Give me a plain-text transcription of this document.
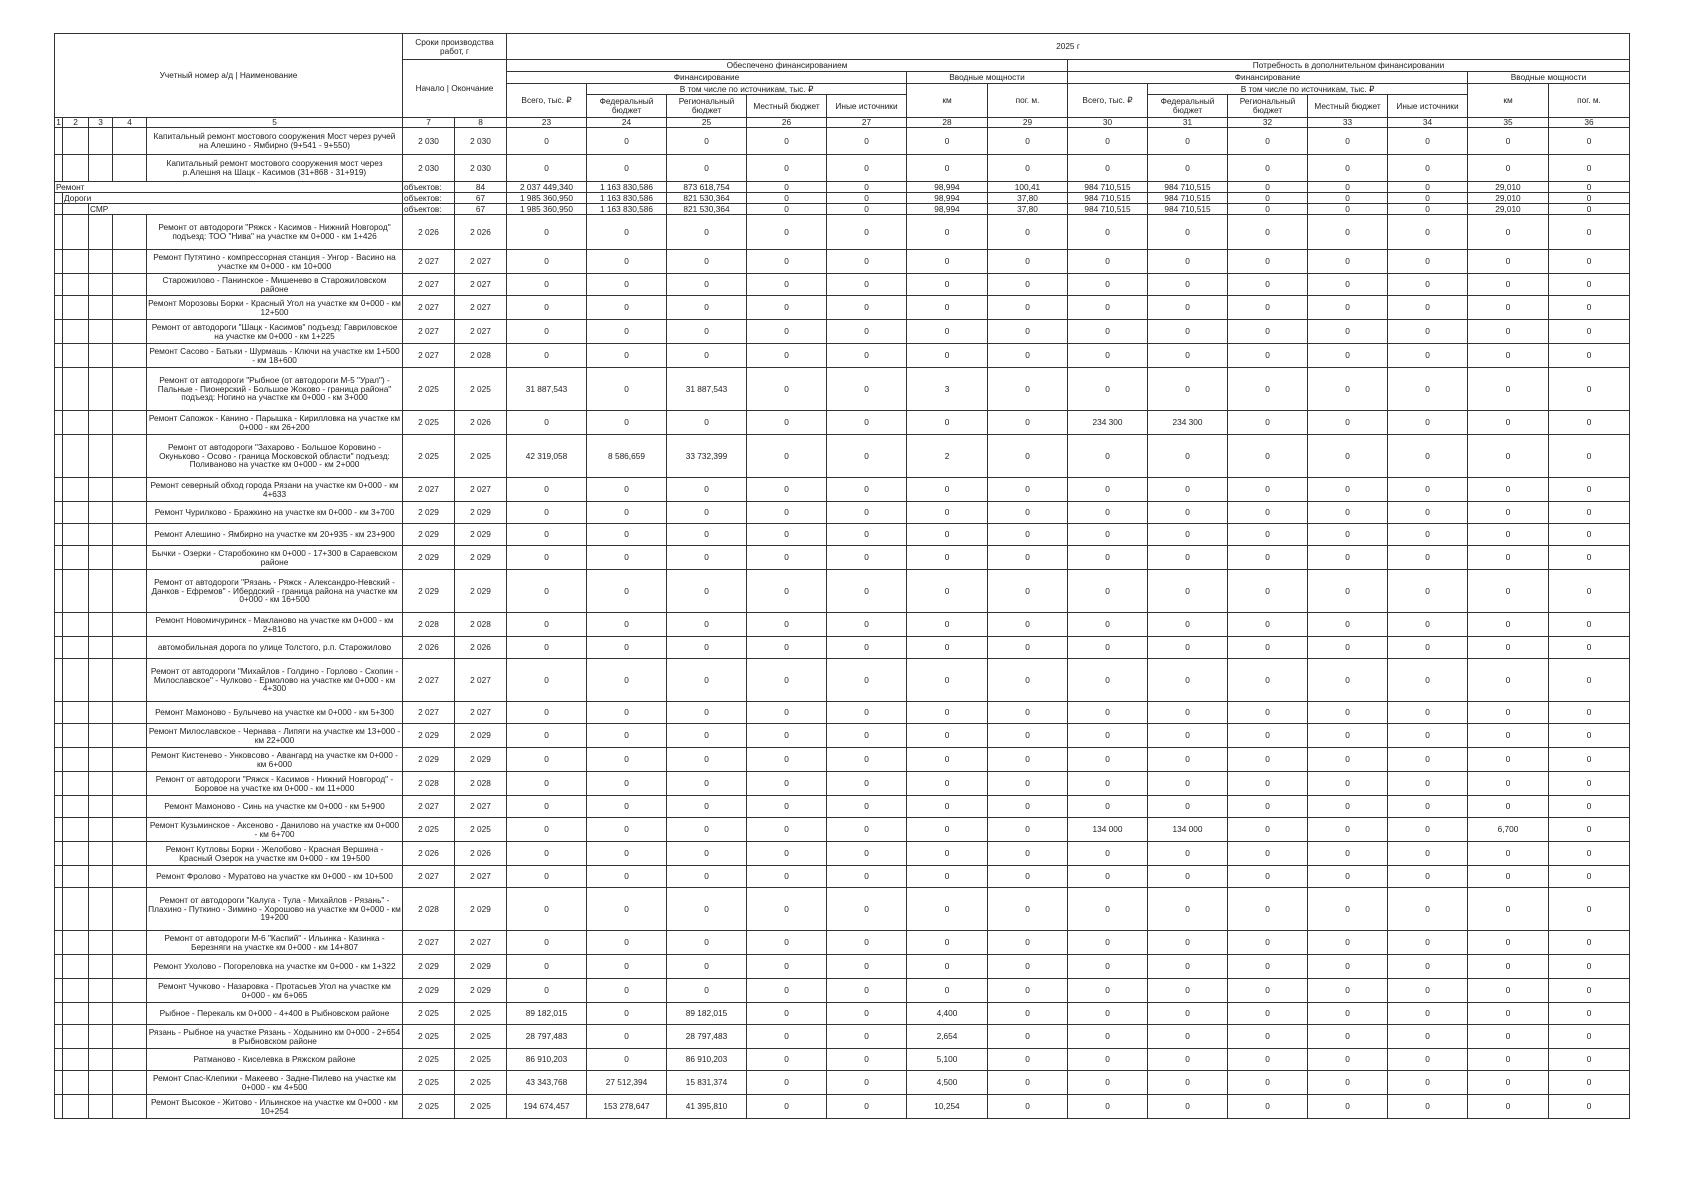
Учетный номер а/д | Наименование					Сроки производства работ, г		2025 г													
					Начало | Окончание		Обеспечено финансированием							Потребность в дополнительном финансировании						
							Финансирование					Вводные мощности		Финансирование					Вводные мощности	
							Всего, тыс. ₽	В том числе по источникам, тыс. ₽				км	пог. м.	Всего, тыс. ₽	В том числе по источникам, тыс. ₽				км	пог. м.
								Федеральный бюджет	Региональный бюджет	Местный бюджет	Иные источники				Федеральный бюджет	Региональный бюджет	Местный бюджет	Иные источники		
1	2	3	4	5	7	8	23	24	25	26	27	28	29	30	31	32	33	34	35	36
				Капитальный ремонт мостового сооружения Мост через ручей на Алешино - Ямбирно (9+541 - 9+550)	2 030	2 030	0	0	0	0	0	0	0	0	0	0	0	0	0	0
				Капитальный ремонт мостового сооружения мост через р.Алешня на Шацк - Касимов (31+868 - 31+919)	2 030	2 030	0	0	0	0	0	0	0	0	0	0	0	0	0	0
Ремонт					объектов:	84	2 037 449,340	1 163 830,586	873 618,754	0	0	98,994	100,41	984 710,515	984 710,515	0	0	0	29,010	0
	Дороги				объектов:	67	1 985 360,950	1 163 830,586	821 530,364	0	0	98,994	37,80	984 710,515	984 710,515	0	0	0	29,010	0
		СМР			объектов:	67	1 985 360,950	1 163 830,586	821 530,364	0	0	98,994	37,80	984 710,515	984 710,515	0	0	0	29,010	0
				Ремонт от автодороги "Ряжск - Касимов - Нижний Новгород" подъезд: ТОО "Нива" на участке км 0+000 - км 1+426	2 026	2 026	0	0	0	0	0	0	0	0	0	0	0	0	0	0
				Ремонт Путятино - компрессорная станция - Унгор - Васино на участке км 0+000 - км 10+000	2 027	2 027	0	0	0	0	0	0	0	0	0	0	0	0	0	0
				Старожилово - Панинское - Мишенево в Старожиловском районе	2 027	2 027	0	0	0	0	0	0	0	0	0	0	0	0	0	0
				Ремонт Морозовы Борки - Красный Угол на участке км 0+000 - км 12+500	2 027	2 027	0	0	0	0	0	0	0	0	0	0	0	0	0	0
				Ремонт от автодороги "Шацк - Касимов" подъезд: Гавриловское на участке км 0+000 - км 1+225	2 027	2 027	0	0	0	0	0	0	0	0	0	0	0	0	0	0
				Ремонт Сасово - Батьки - Шурмашь - Ключи на участке км 1+500 - км 18+600	2 027	2 028	0	0	0	0	0	0	0	0	0	0	0	0	0	0
				Ремонт от автодороги "Рыбное (от автодороги М-5 "Урал") - Пальные - Пионерский - Большое Жоково - граница района" подъезд: Ногино на участке км 0+000 - км 3+000	2 025	2 025	31 887,543	0	31 887,543	0	0	3	0	0	0	0	0	0	0	0
				Ремонт Сапожок - Канино - Парышка - Кирилловка на участке км 0+000 - км 26+200	2 025	2 026	0	0	0	0	0	0	0	234 300	234 300	0	0	0	0	0
				Ремонт от автодороги "Захарово - Большое Коровино - Окуньково - Осово - граница Московской области" подъезд: Поливаново на участке км 0+000 - км 2+000	2 025	2 025	42 319,058	8 586,659	33 732,399	0	0	2	0	0	0	0	0	0	0	0
				Ремонт северный обход города Рязани на участке км 0+000 - км 4+633	2 027	2 027	0	0	0	0	0	0	0	0	0	0	0	0	0	0
				Ремонт Чурилково - Бражкино на участке км 0+000 - км 3+700	2 029	2 029	0	0	0	0	0	0	0	0	0	0	0	0	0	0
				Ремонт Алешино - Ямбирно на участке км 20+935 - км 23+900	2 029	2 029	0	0	0	0	0	0	0	0	0	0	0	0	0	0
				Бычки - Озерки - Старобокино км 0+000 - 17+300 в Сараевском районе	2 029	2 029	0	0	0	0	0	0	0	0	0	0	0	0	0	0
				Ремонт от автодороги "Рязань - Ряжск - Александро-Невский - Данков - Ефремов" - Ибердский - граница района на участке км 0+000 - км 16+500	2 029	2 029	0	0	0	0	0	0	0	0	0	0	0	0	0	0
				Ремонт Новомичуринск - Макланово на участке км 0+000 - км 2+816	2 028	2 028	0	0	0	0	0	0	0	0	0	0	0	0	0	0
				автомобильная дорога по улице Толстого, р.п. Старожилово	2 026	2 026	0	0	0	0	0	0	0	0	0	0	0	0	0	0
				Ремонт от автодороги "Михайлов - Голдино - Горлово - Скопин - Милославское" - Чулково - Ермолово на участке км 0+000 - км 4+300	2 027	2 027	0	0	0	0	0	0	0	0	0	0	0	0	0	0
				Ремонт Мамоново - Булычево на участке км 0+000 - км 5+300	2 027	2 027	0	0	0	0	0	0	0	0	0	0	0	0	0	0
				Ремонт Милославское - Чернава - Липяги на участке км 13+000 - км 22+000	2 029	2 029	0	0	0	0	0	0	0	0	0	0	0	0	0	0
				Ремонт Кистенево - Унковсово - Авангард на участке км 0+000 - км 6+000	2 029	2 029	0	0	0	0	0	0	0	0	0	0	0	0	0	0
				Ремонт от автодороги "Ряжск - Касимов - Нижний Новгород" - Боровое на участке км 0+000 - км 11+000	2 028	2 028	0	0	0	0	0	0	0	0	0	0	0	0	0	0
				Ремонт Мамоново - Синь на участке км 0+000 - км 5+900	2 027	2 027	0	0	0	0	0	0	0	0	0	0	0	0	0	0
				Ремонт Кузьминское - Аксеново - Данилово на участке км 0+000 - км 6+700	2 025	2 025	0	0	0	0	0	0	0	134 000	134 000	0	0	0	6,700	0
				Ремонт Кутловы Борки - Желобово - Красная Вершина - Красный Озерок на участке км 0+000 - км 19+500	2 026	2 026	0	0	0	0	0	0	0	0	0	0	0	0	0	0
				Ремонт Фролово - Муратово на участке км 0+000 - км 10+500	2 027	2 027	0	0	0	0	0	0	0	0	0	0	0	0	0	0
				Ремонт от автодороги "Калуга - Тула - Михайлов - Рязань" - Плахино - Путкино - Зимино - Хорошово на участке км 0+000 - км 19+200	2 028	2 029	0	0	0	0	0	0	0	0	0	0	0	0	0	0
				Ремонт от автодороги М-6 "Каспий" - Ильинка - Казинка - Березняги на участке км 0+000 - км 14+807	2 027	2 027	0	0	0	0	0	0	0	0	0	0	0	0	0	0
				Ремонт Ухолово - Погореловка на участке км 0+000 - км 1+322	2 029	2 029	0	0	0	0	0	0	0	0	0	0	0	0	0	0
				Ремонт Чучково - Назаровка - Протасьев Угол на участке км 0+000 - км 6+065	2 029	2 029	0	0	0	0	0	0	0	0	0	0	0	0	0	0
				Рыбное - Перекаль км 0+000 - 4+400 в Рыбновском районе	2 025	2 025	89 182,015	0	89 182,015	0	0	4,400	0	0	0	0	0	0	0	0
				Рязань - Рыбное на участке Рязань - Ходынино км 0+000 - 2+654 в Рыбновском районе	2 025	2 025	28 797,483	0	28 797,483	0	0	2,654	0	0	0	0	0	0	0	0
				Ратманово - Киселевка в Ряжском районе	2 025	2 025	86 910,203	0	86 910,203	0	0	5,100	0	0	0	0	0	0	0	0
				Ремонт Спас-Клепики - Макеево - Задне-Пилево на участке км 0+000 - км 4+500	2 025	2 025	43 343,768	27 512,394	15 831,374	0	0	4,500	0	0	0	0	0	0	0	0
				Ремонт Высокое - Житово - Ильинское на участке км 0+000 - км 10+254	2 025	2 025	194 674,457	153 278,647	41 395,810	0	0	10,254	0	0	0	0	0	0	0	0
